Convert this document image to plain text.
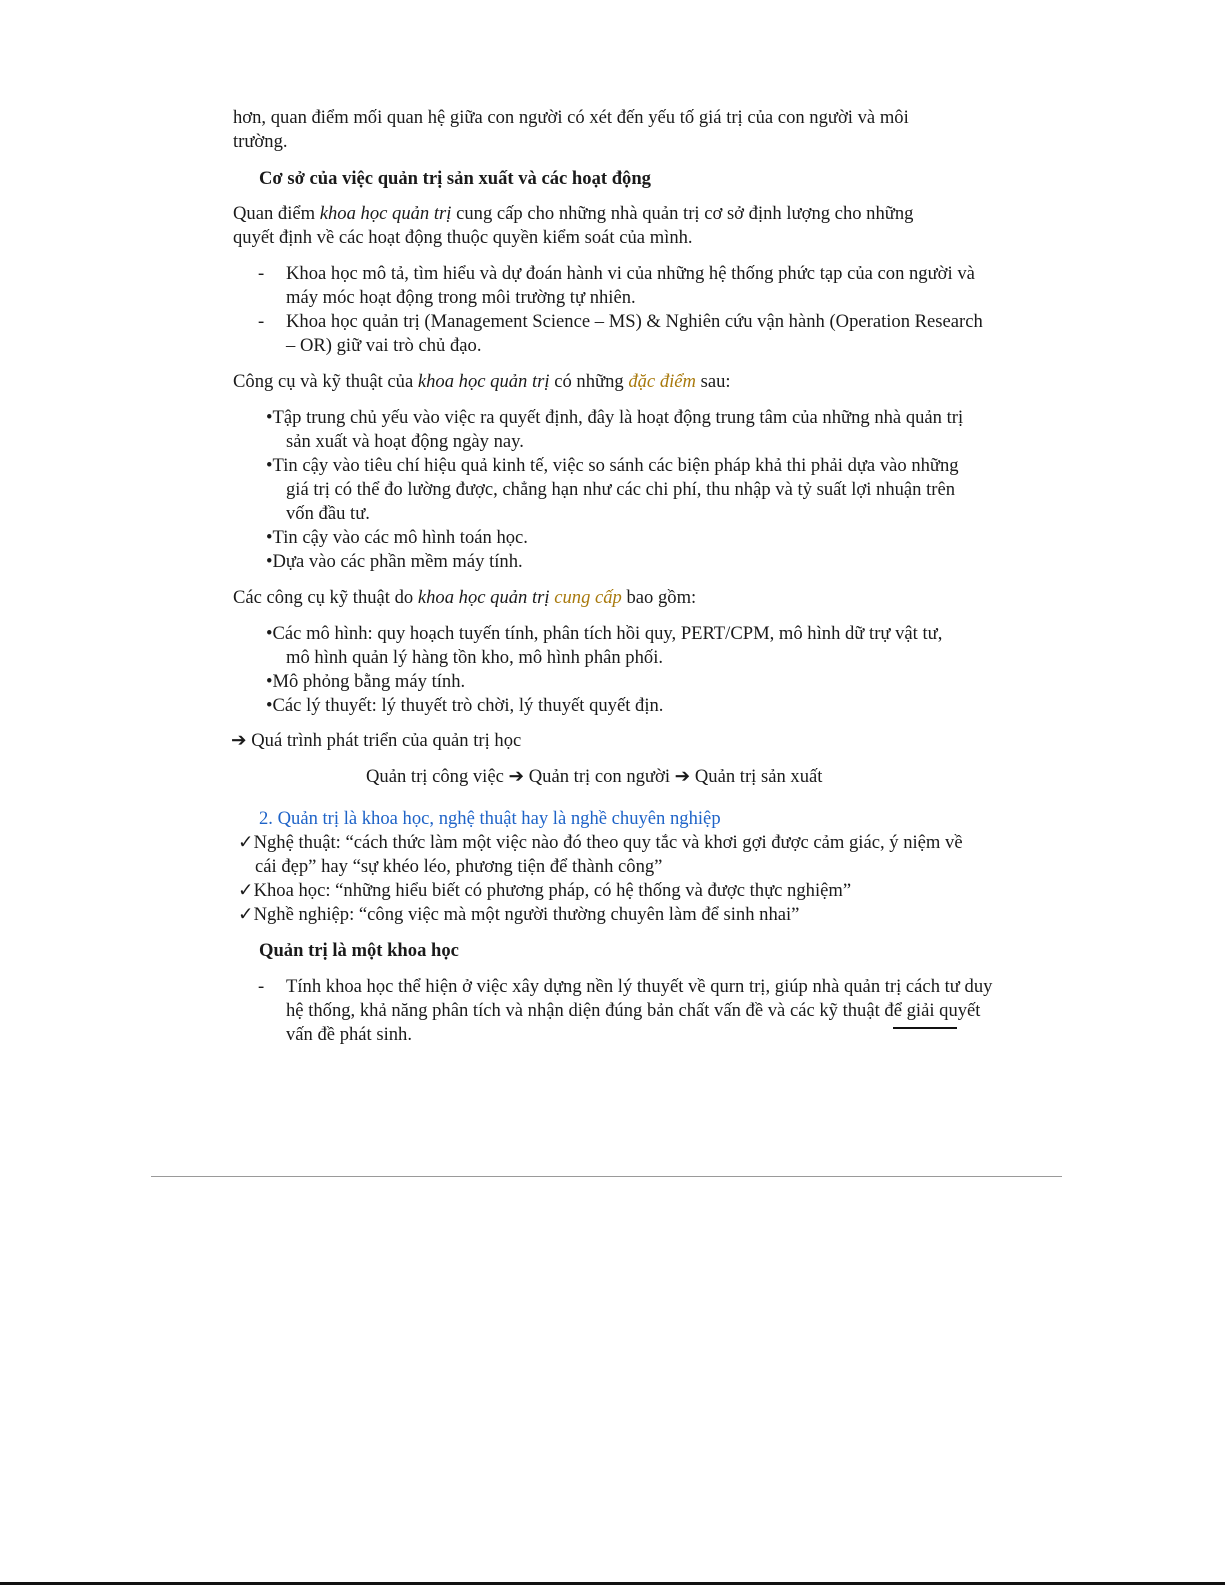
hơn, quan điểm mối quan hệ giữa con người có xét đến yếu tố giá trị của con người và môi
trường.

Cơ sở của việc quản trị sản xuất và các hoạt động

Quan điểm khoa học quản trị cung cấp cho những nhà quản trị cơ sở định lượng cho những quyết định về các hoạt động thuộc quyền kiểm soát của mình.

- Khoa học mô tả, tìm hiểu và dự đoán hành vi của những hệ thống phức tạp của con người và máy móc hoạt động trong môi trường tự nhiên.
- Khoa học quản trị (Management Science – MS) & Nghiên cứu vận hành (Operation Research – OR) giữ vai trò chủ đạo.

Công cụ và kỹ thuật của khoa học quản trị có những đặc điểm sau:

•Tập trung chủ yếu vào việc ra quyết định, đây là hoạt động trung tâm của những nhà quản trị sản xuất và hoạt động ngày nay.
•Tin cậy vào tiêu chí hiệu quả kinh tế, việc so sánh các biện pháp khả thi phải dựa vào những giá trị có thể đo lường được, chẳng hạn như các chi phí, thu nhập và tỷ suất lợi nhuận trên vốn đầu tư.
•Tin cậy vào các mô hình toán học.
•Dựa vào các phần mềm máy tính.

Các công cụ kỹ thuật do khoa học quản trị cung cấp bao gồm:

•Các mô hình: quy hoạch tuyến tính, phân tích hồi quy, PERT/CPM, mô hình dữ trự vật tư, mô hình quản lý hàng tồn kho, mô hình phân phối.
•Mô phỏng bằng máy tính.
•Các lý thuyết: lý thuyết trò chời, lý thuyết quyết địn.

➔ Quá trình phát triển của quản trị học

Quản trị công việc ➔ Quản trị con người ➔ Quản trị sản xuất

2. Quản trị là khoa học, nghệ thuật hay là nghề chuyên nghiệp

✓Nghệ thuật: “cách thức làm một việc nào đó theo quy tắc và khơi gợi được cảm giác, ý niệm về cái đẹp” hay “sự khéo léo, phương tiện để thành công”
✓Khoa học: “những hiểu biết có phương pháp, có hệ thống và được thực nghiệm”
✓Nghề nghiệp: “công việc mà một người thường chuyên làm để sinh nhai”

Quản trị là một khoa học

- Tính khoa học thể hiện ở việc xây dựng nền lý thuyết về qurn trị, giúp nhà quản trị cách tư duy hệ thống, khả năng phân tích và nhận diện đúng bản chất vấn đề và các kỹ thuật để giải quyết vấn đề phát sinh.
